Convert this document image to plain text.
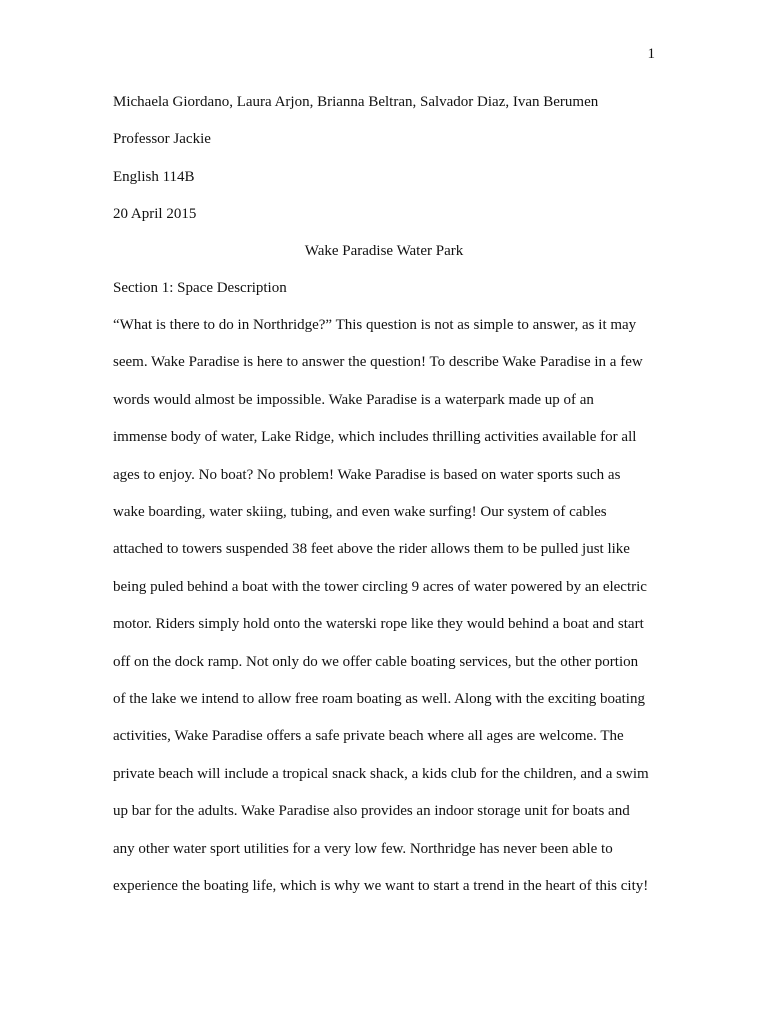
1
Michaela Giordano, Laura Arjon, Brianna Beltran, Salvador Diaz, Ivan Berumen
Professor Jackie
English 114B
20 April 2015
Wake Paradise Water Park
Section 1: Space Description
“What is there to do in Northridge?” This question is not as simple to answer, as it may
seem. Wake Paradise is here to answer the question! To describe Wake Paradise in a few
words would almost be impossible. Wake Paradise is a waterpark made up of an
immense body of water, Lake Ridge, which includes thrilling activities available for all
ages to enjoy. No boat? No problem! Wake Paradise is based on water sports such as
wake boarding, water skiing, tubing, and even wake surfing! Our system of cables
attached to towers suspended 38 feet above the rider allows them to be pulled just like
being puled behind a boat with the tower circling 9 acres of water powered by an electric
motor. Riders simply hold onto the waterski rope like they would behind a boat and start
off on the dock ramp. Not only do we offer cable boating services, but the other portion
of the lake we intend to allow free roam boating as well. Along with the exciting boating
activities, Wake Paradise offers a safe private beach where all ages are welcome. The
private beach will include a tropical snack shack, a kids club for the children, and a swim
up bar for the adults. Wake Paradise also provides an indoor storage unit for boats and
any other water sport utilities for a very low few. Northridge has never been able to
experience the boating life, which is why we want to start a trend in the heart of this city!
